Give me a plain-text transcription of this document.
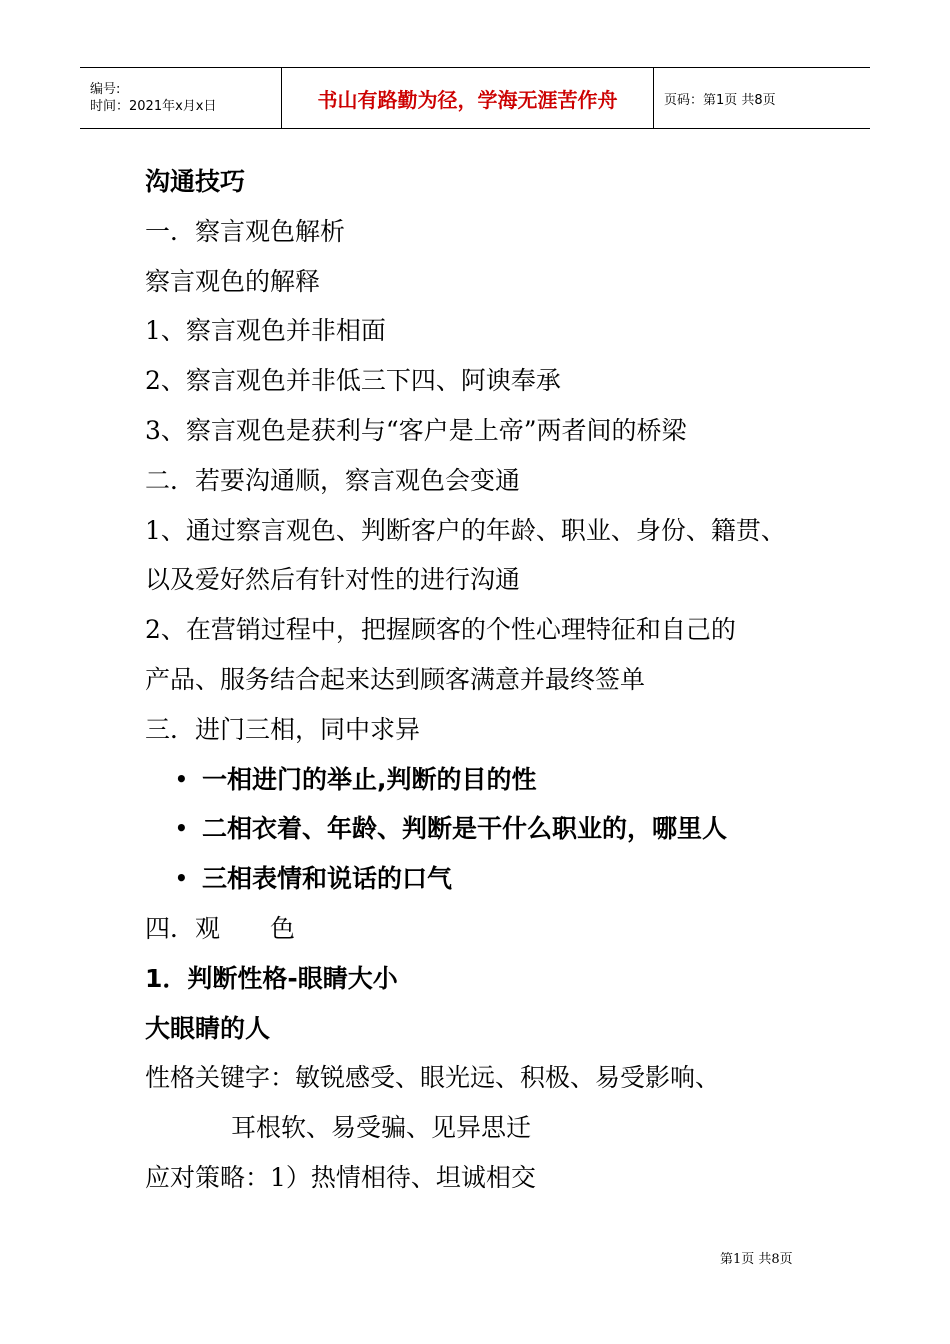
编号:
时间：2021年x月x日	书山有路勤为径，学海无涯苦作舟	页码：第1页 共8页
沟通技巧
一．察言观色解析
察言观色的解释
1、察言观色并非相面
2、察言观色并非低三下四、阿谀奉承
3、察言观色是获利与“客户是上帝”两者间的桥梁
二．若要沟通顺，察言观色会变通
1、通过察言观色、判断客户的年龄、职业、身份、籍贯、
以及爱好然后有针对性的进行沟通
2、在营销过程中，把握顾客的个性心理特征和自己的
产品、服务结合起来达到顾客满意并最终签单
三．进门三相，同中求异
• 一相进门的举止,判断的目的性
• 二相衣着、年龄、判断是干什么职业的，哪里人
• 三相表情和说话的口气
四．观　　色
1．判断性格-眼睛大小
大眼睛的人
性格关键字：敏锐感受、眼光远、积极、易受影响、
耳根软、易受骗、见异思迁
应对策略：1）热情相待、坦诚相交
第1页 共8页
